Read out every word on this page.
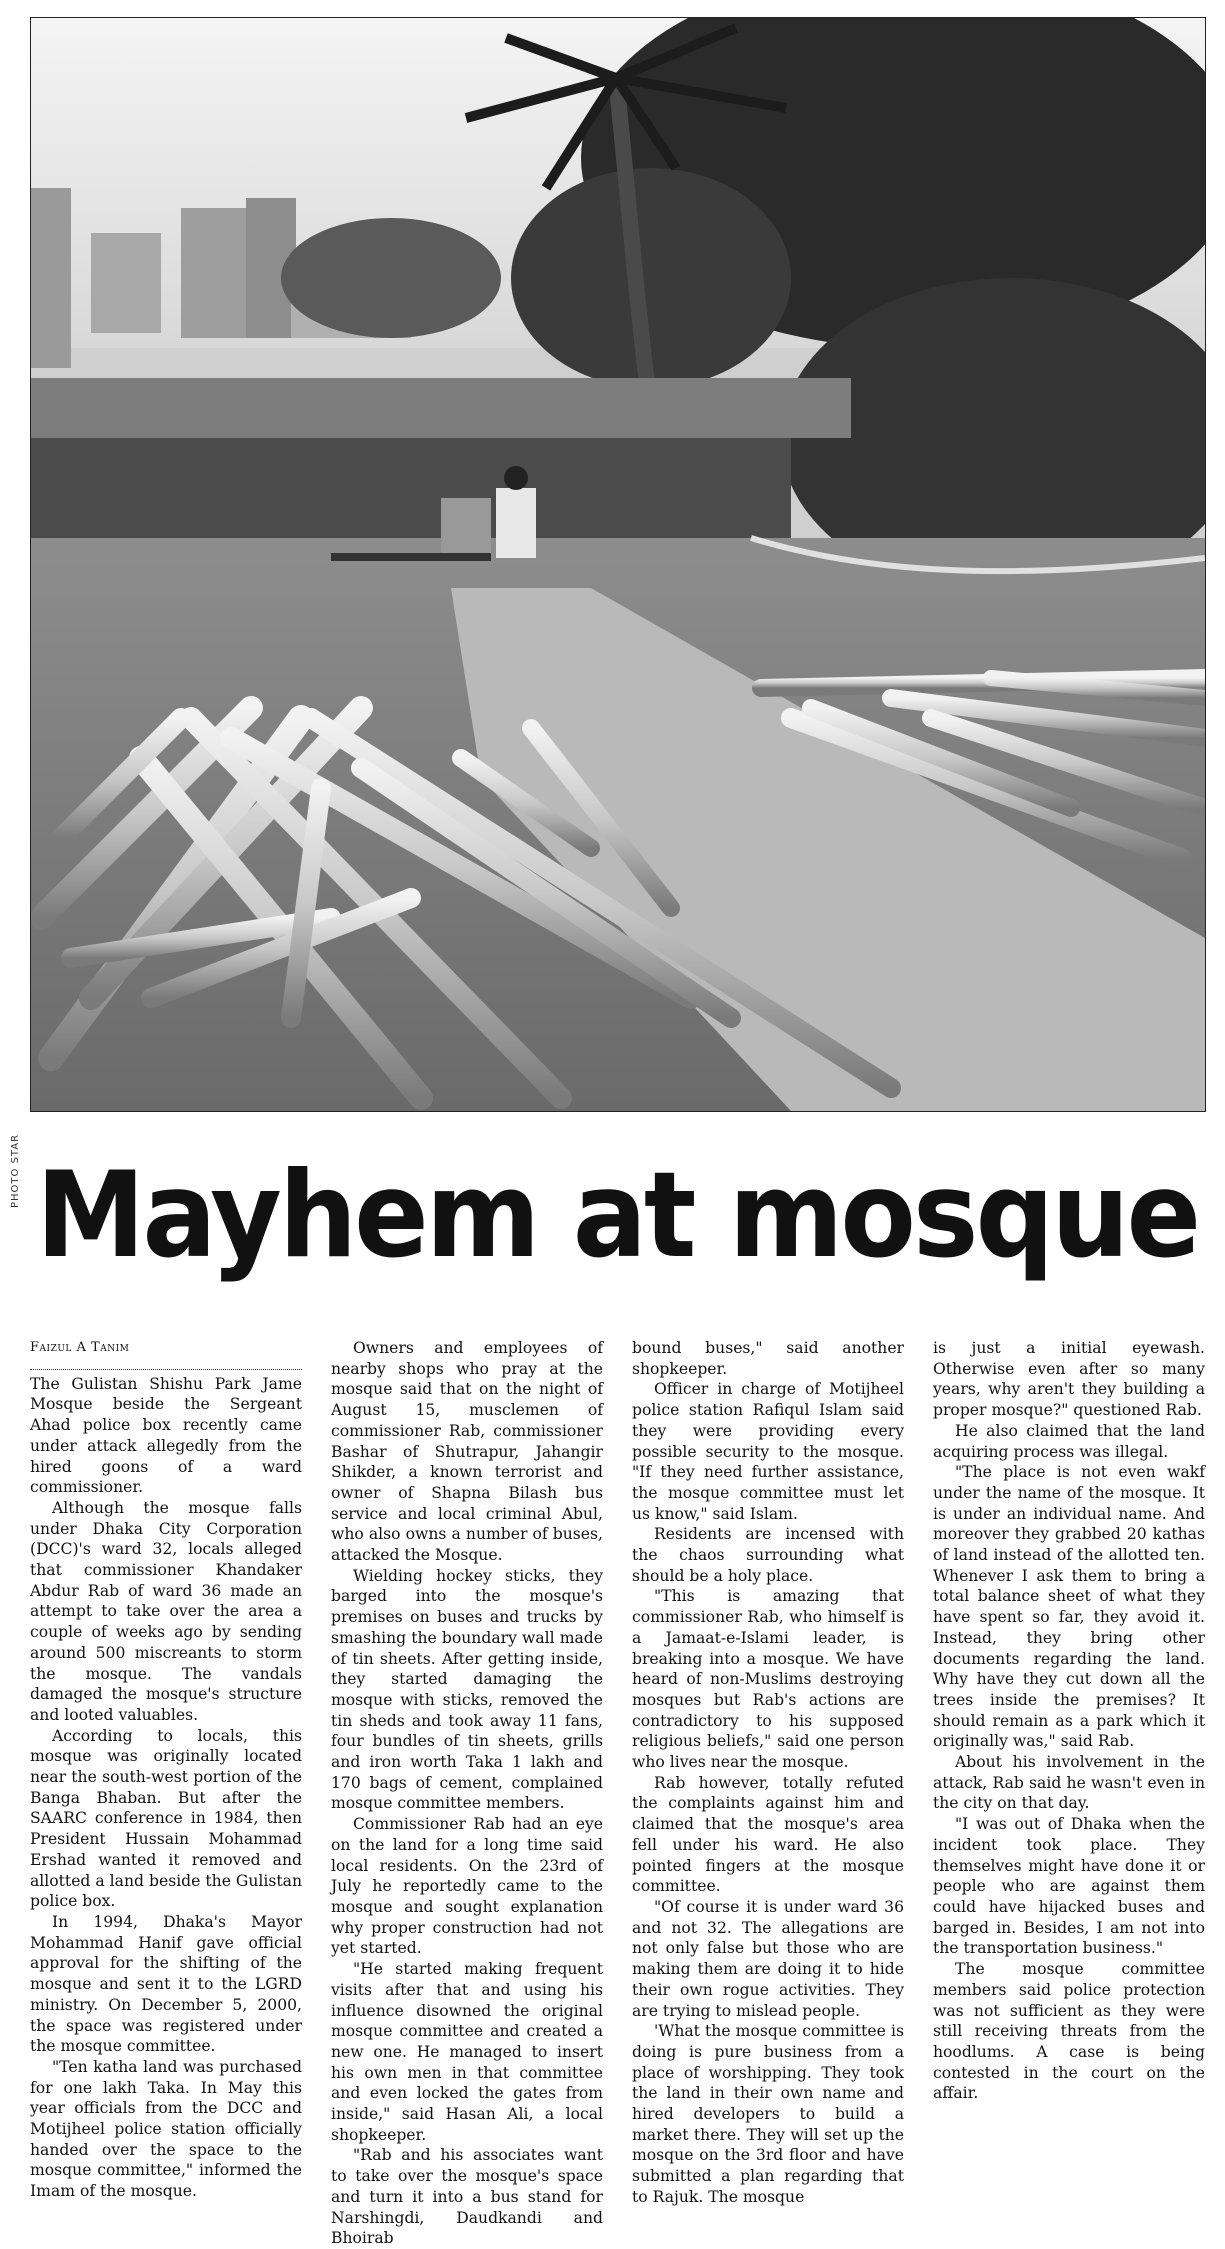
PHOTO STAR Mayhem at mosque
Faizul A Tanim

The Gulistan Shishu Park Jame Mosque beside the Sergeant Ahad police box recently came under attack allegedly from the hired goons of a ward commissioner.

Although the mosque falls under Dhaka City Corporation (DCC)'s ward 32, locals alleged that commissioner Khandaker Abdur Rab of ward 36 made an attempt to take over the area a couple of weeks ago by sending around 500 miscreants to storm the mosque. The vandals damaged the mosque's structure and looted valuables.

According to locals, this mosque was originally located near the south-west portion of the Banga Bhaban. But after the SAARC conference in 1984, then President Hussain Mohammad Ershad wanted it removed and allotted a land beside the Gulistan police box.

In 1994, Dhaka's Mayor Mohammad Hanif gave official approval for the shifting of the mosque and sent it to the LGRD ministry. On December 5, 2000, the space was registered under the mosque committee.

"Ten katha land was purchased for one lakh Taka. In May this year officials from the DCC and Motijheel police station officially handed over the space to the mosque committee," informed the Imam of the mosque.

Owners and employees of nearby shops who pray at the mosque said that on the night of August 15, musclemen of commissioner Rab, commissioner Bashar of Shutrapur, Jahangir Shikder, a known terrorist and owner of Shapna Bilash bus service and local criminal Abul, who also owns a number of buses, attacked the Mosque.

Wielding hockey sticks, they barged into the mosque's premises on buses and trucks by smashing the boundary wall made of tin sheets. After getting inside, they started damaging the mosque with sticks, removed the tin sheds and took away 11 fans, four bundles of tin sheets, grills and iron worth Taka 1 lakh and 170 bags of cement, complained mosque committee members.

Commissioner Rab had an eye on the land for a long time said local residents. On the 23rd of July he reportedly came to the mosque and sought explanation why proper construction had not yet started.

"He started making frequent visits after that and using his influence disowned the original mosque committee and created a new one. He managed to insert his own men in that committee and even locked the gates from inside," said Hasan Ali, a local shopkeeper.

"Rab and his associates want to take over the mosque's space and turn it into a bus stand for Narshingdi, Daudkandi and Bhoirab

bound buses," said another shopkeeper.

Officer in charge of Motijheel police station Rafiqul Islam said they were providing every possible security to the mosque. "If they need further assistance, the mosque committee must let us know," said Islam.

Residents are incensed with the chaos surrounding what should be a holy place.

"This is amazing that commissioner Rab, who himself is a Jamaat-e-Islami leader, is breaking into a mosque. We have heard of non-Muslims destroying mosques but Rab's actions are contradictory to his supposed religious beliefs," said one person who lives near the mosque.

Rab however, totally refuted the complaints against him and claimed that the mosque's area fell under his ward. He also pointed fingers at the mosque committee.

"Of course it is under ward 36 and not 32. The allegations are not only false but those who are making them are doing it to hide their own rogue activities. They are trying to mislead people.

'What the mosque committee is doing is pure business from a place of worshipping. They took the land in their own name and hired developers to build a market there. They will set up the mosque on the 3rd floor and have submitted a plan regarding that to Rajuk. The mosque

is just a initial eyewash. Otherwise even after so many years, why aren't they building a proper mosque?" questioned Rab.

He also claimed that the land acquiring process was illegal.

"The place is not even wakf under the name of the mosque. It is under an individual name. And moreover they grabbed 20 kathas of land instead of the allotted ten. Whenever I ask them to bring a total balance sheet of what they have spent so far, they avoid it. Instead, they bring other documents regarding the land. Why have they cut down all the trees inside the premises? It should remain as a park which it originally was," said Rab.

About his involvement in the attack, Rab said he wasn't even in the city on that day.

"I was out of Dhaka when the incident took place. They themselves might have done it or people who are against them could have hijacked buses and barged in. Besides, I am not into the transportation business."

The mosque committee members said police protection was not sufficient as they were still receiving threats from the hoodlums. A case is being contested in the court on the affair.
